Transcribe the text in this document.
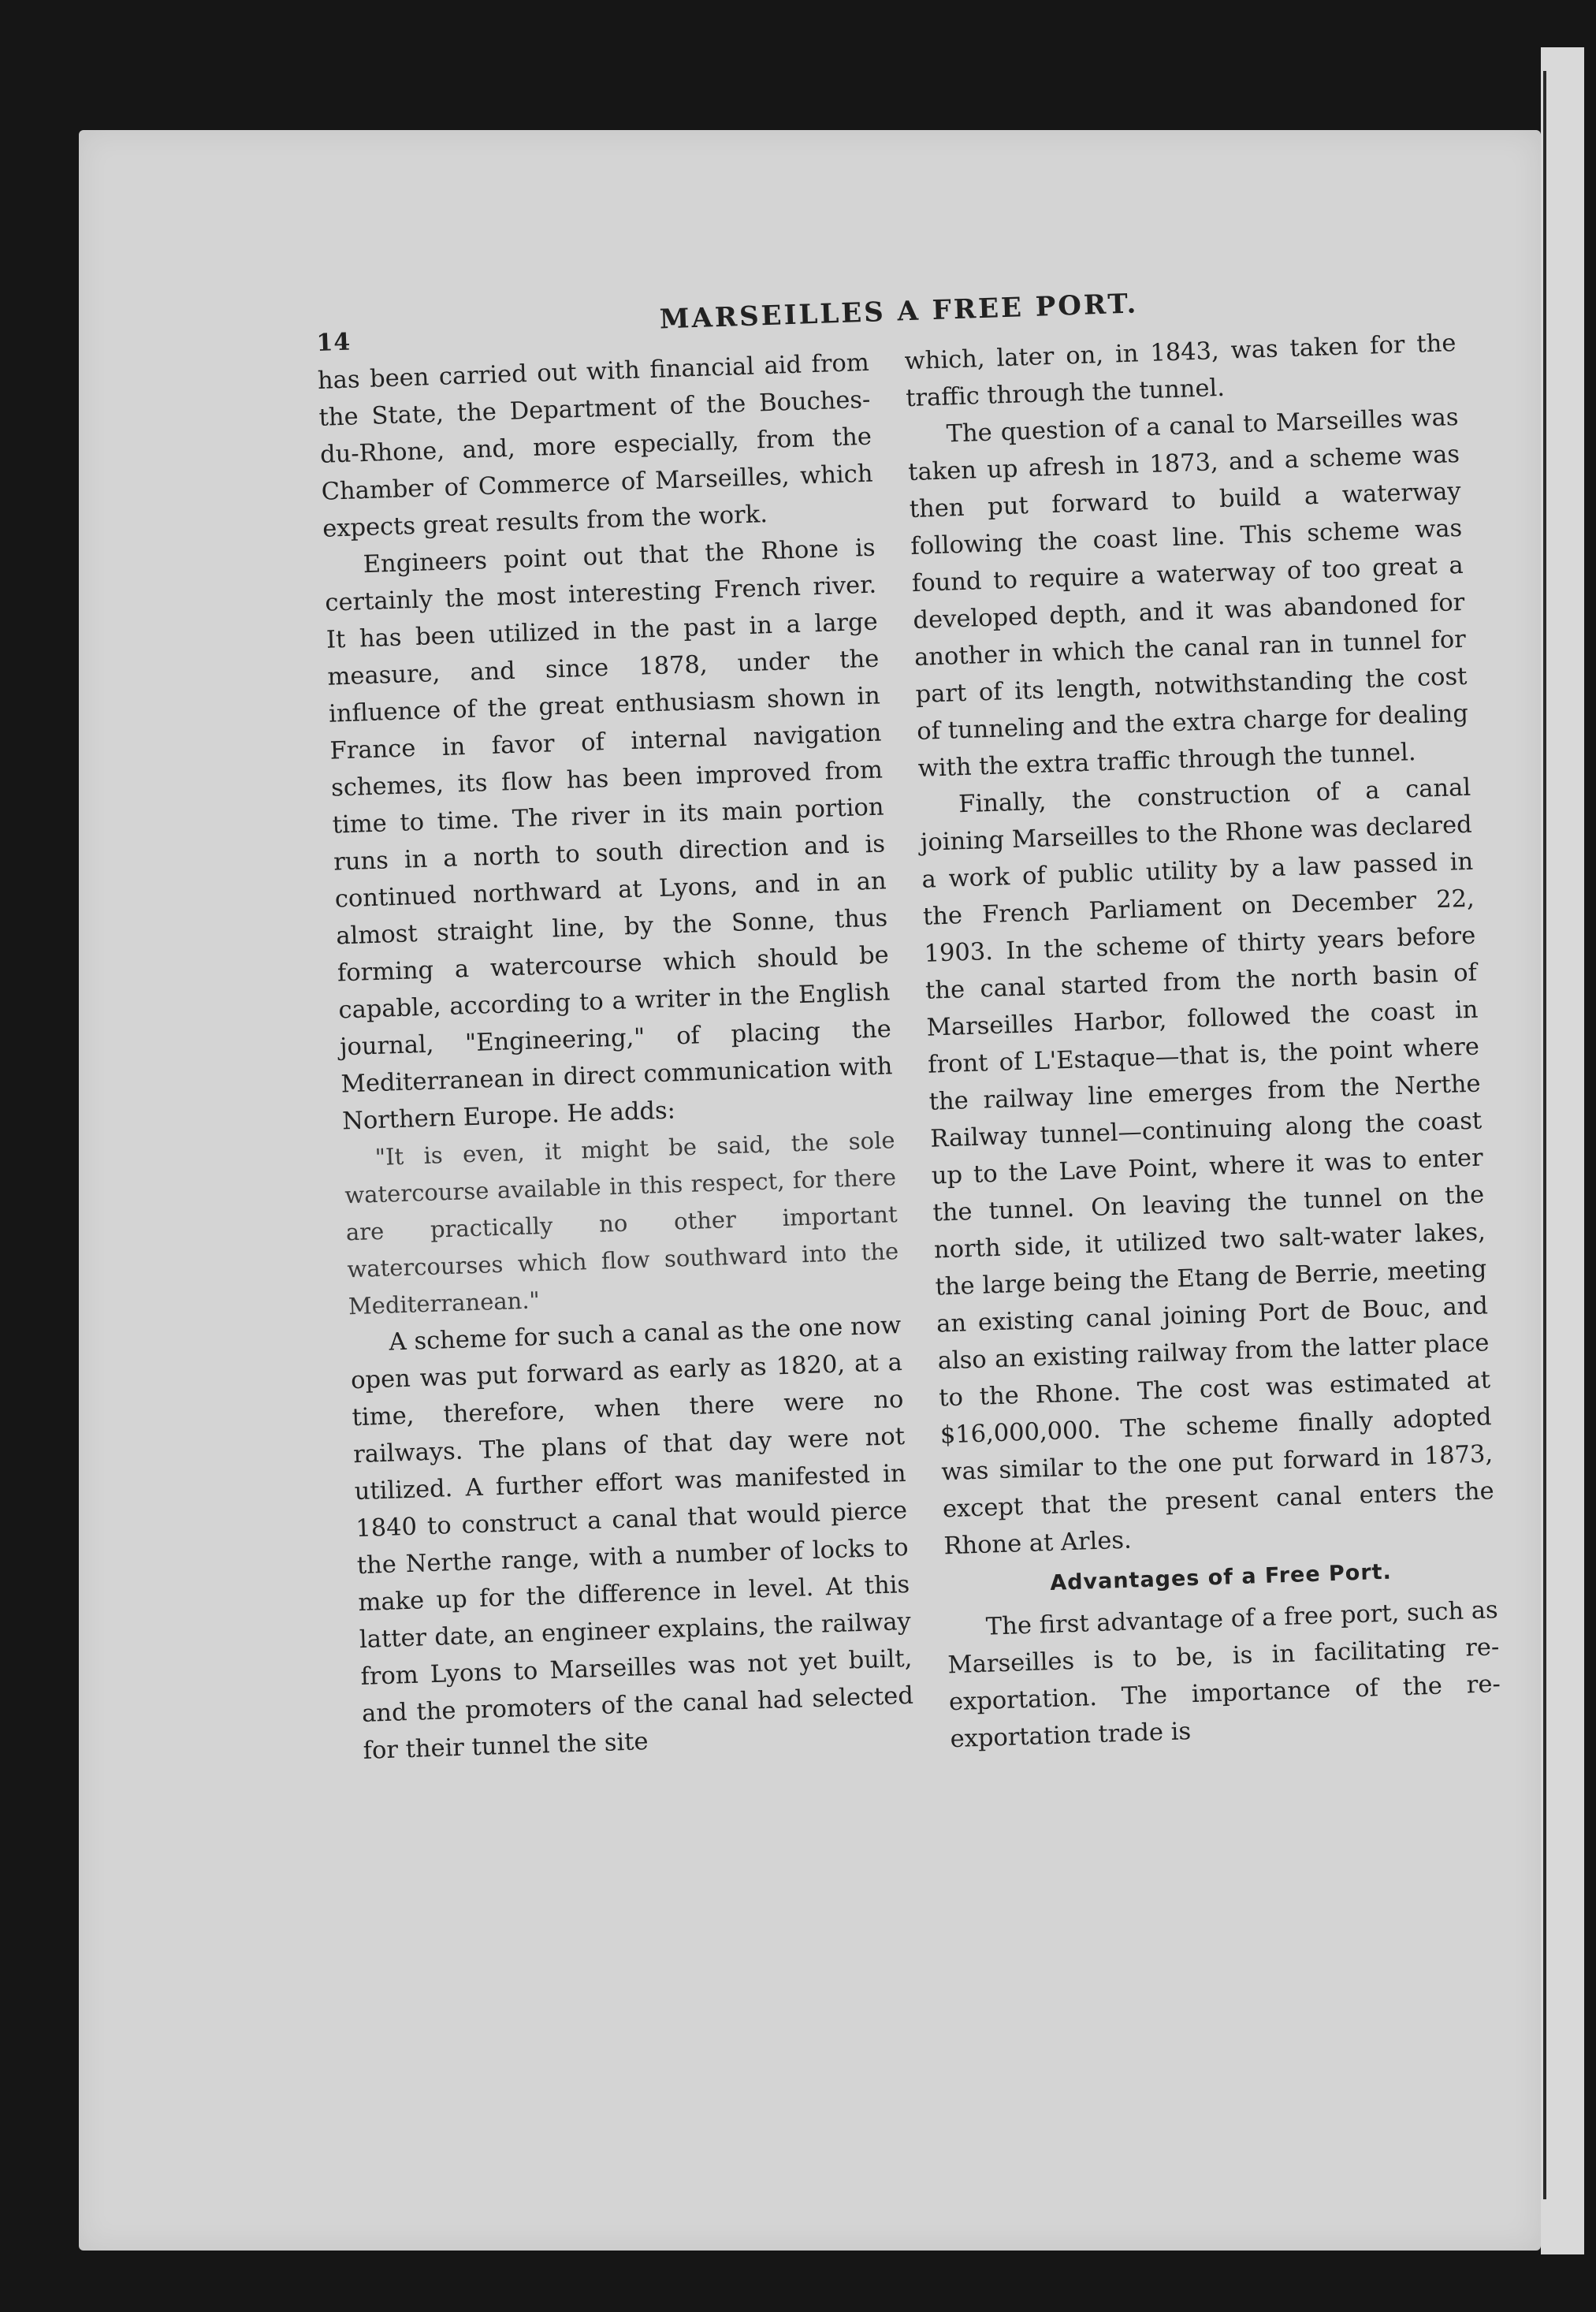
14
MARSEILLES A FREE PORT.

has been carried out with financial aid from the State, the Department of the Bouches-du-Rhone, and, more especially, from the Chamber of Commerce of Marseilles, which expects great results from the work.

Engineers point out that the Rhone is certainly the most interesting French river. It has been utilized in the past in a large measure, and since 1878, under the influence of the great enthusiasm shown in France in favor of internal navigation schemes, its flow has been improved from time to time. The river in its main portion runs in a north to south direction and is continued northward at Lyons, and in an almost straight line, by the Sonne, thus forming a watercourse which should be capable, according to a writer in the English journal, "Engineering," of placing the Mediterranean in direct communication with Northern Europe. He adds:

"It is even, it might be said, the sole watercourse available in this respect, for there are practically no other important watercourses which flow southward into the Mediterranean."

A scheme for such a canal as the one now open was put forward as early as 1820, at a time, therefore, when there were no railways. The plans of that day were not utilized. A further effort was manifested in 1840 to construct a canal that would pierce the Nerthe range, with a number of locks to make up for the difference in level. At this latter date, an engineer explains, the railway from Lyons to Marseilles was not yet built, and the promoters of the canal had selected for their tunnel the site

which, later on, in 1843, was taken for the traffic through the tunnel.

The question of a canal to Marseilles was taken up afresh in 1873, and a scheme was then put forward to build a waterway following the coast line. This scheme was found to require a waterway of too great a developed depth, and it was abandoned for another in which the canal ran in tunnel for part of its length, notwithstanding the cost of tunneling and the extra charge for dealing with the extra traffic through the tunnel.

Finally, the construction of a canal joining Marseilles to the Rhone was declared a work of public utility by a law passed in the French Parliament on December 22, 1903. In the scheme of thirty years before the canal started from the north basin of Marseilles Harbor, followed the coast in front of L'Estaque—that is, the point where the railway line emerges from the Nerthe Railway tunnel—continuing along the coast up to the Lave Point, where it was to enter the tunnel. On leaving the tunnel on the north side, it utilized two salt-water lakes, the large being the Etang de Berrie, meeting an existing canal joining Port de Bouc, and also an existing railway from the latter place to the Rhone. The cost was estimated at $16,000,000. The scheme finally adopted was similar to the one put forward in 1873, except that the present canal enters the Rhone at Arles.

Advantages of a Free Port.

The first advantage of a free port, such as Marseilles is to be, is in facilitating re-exportation. The importance of the re-exportation trade is
